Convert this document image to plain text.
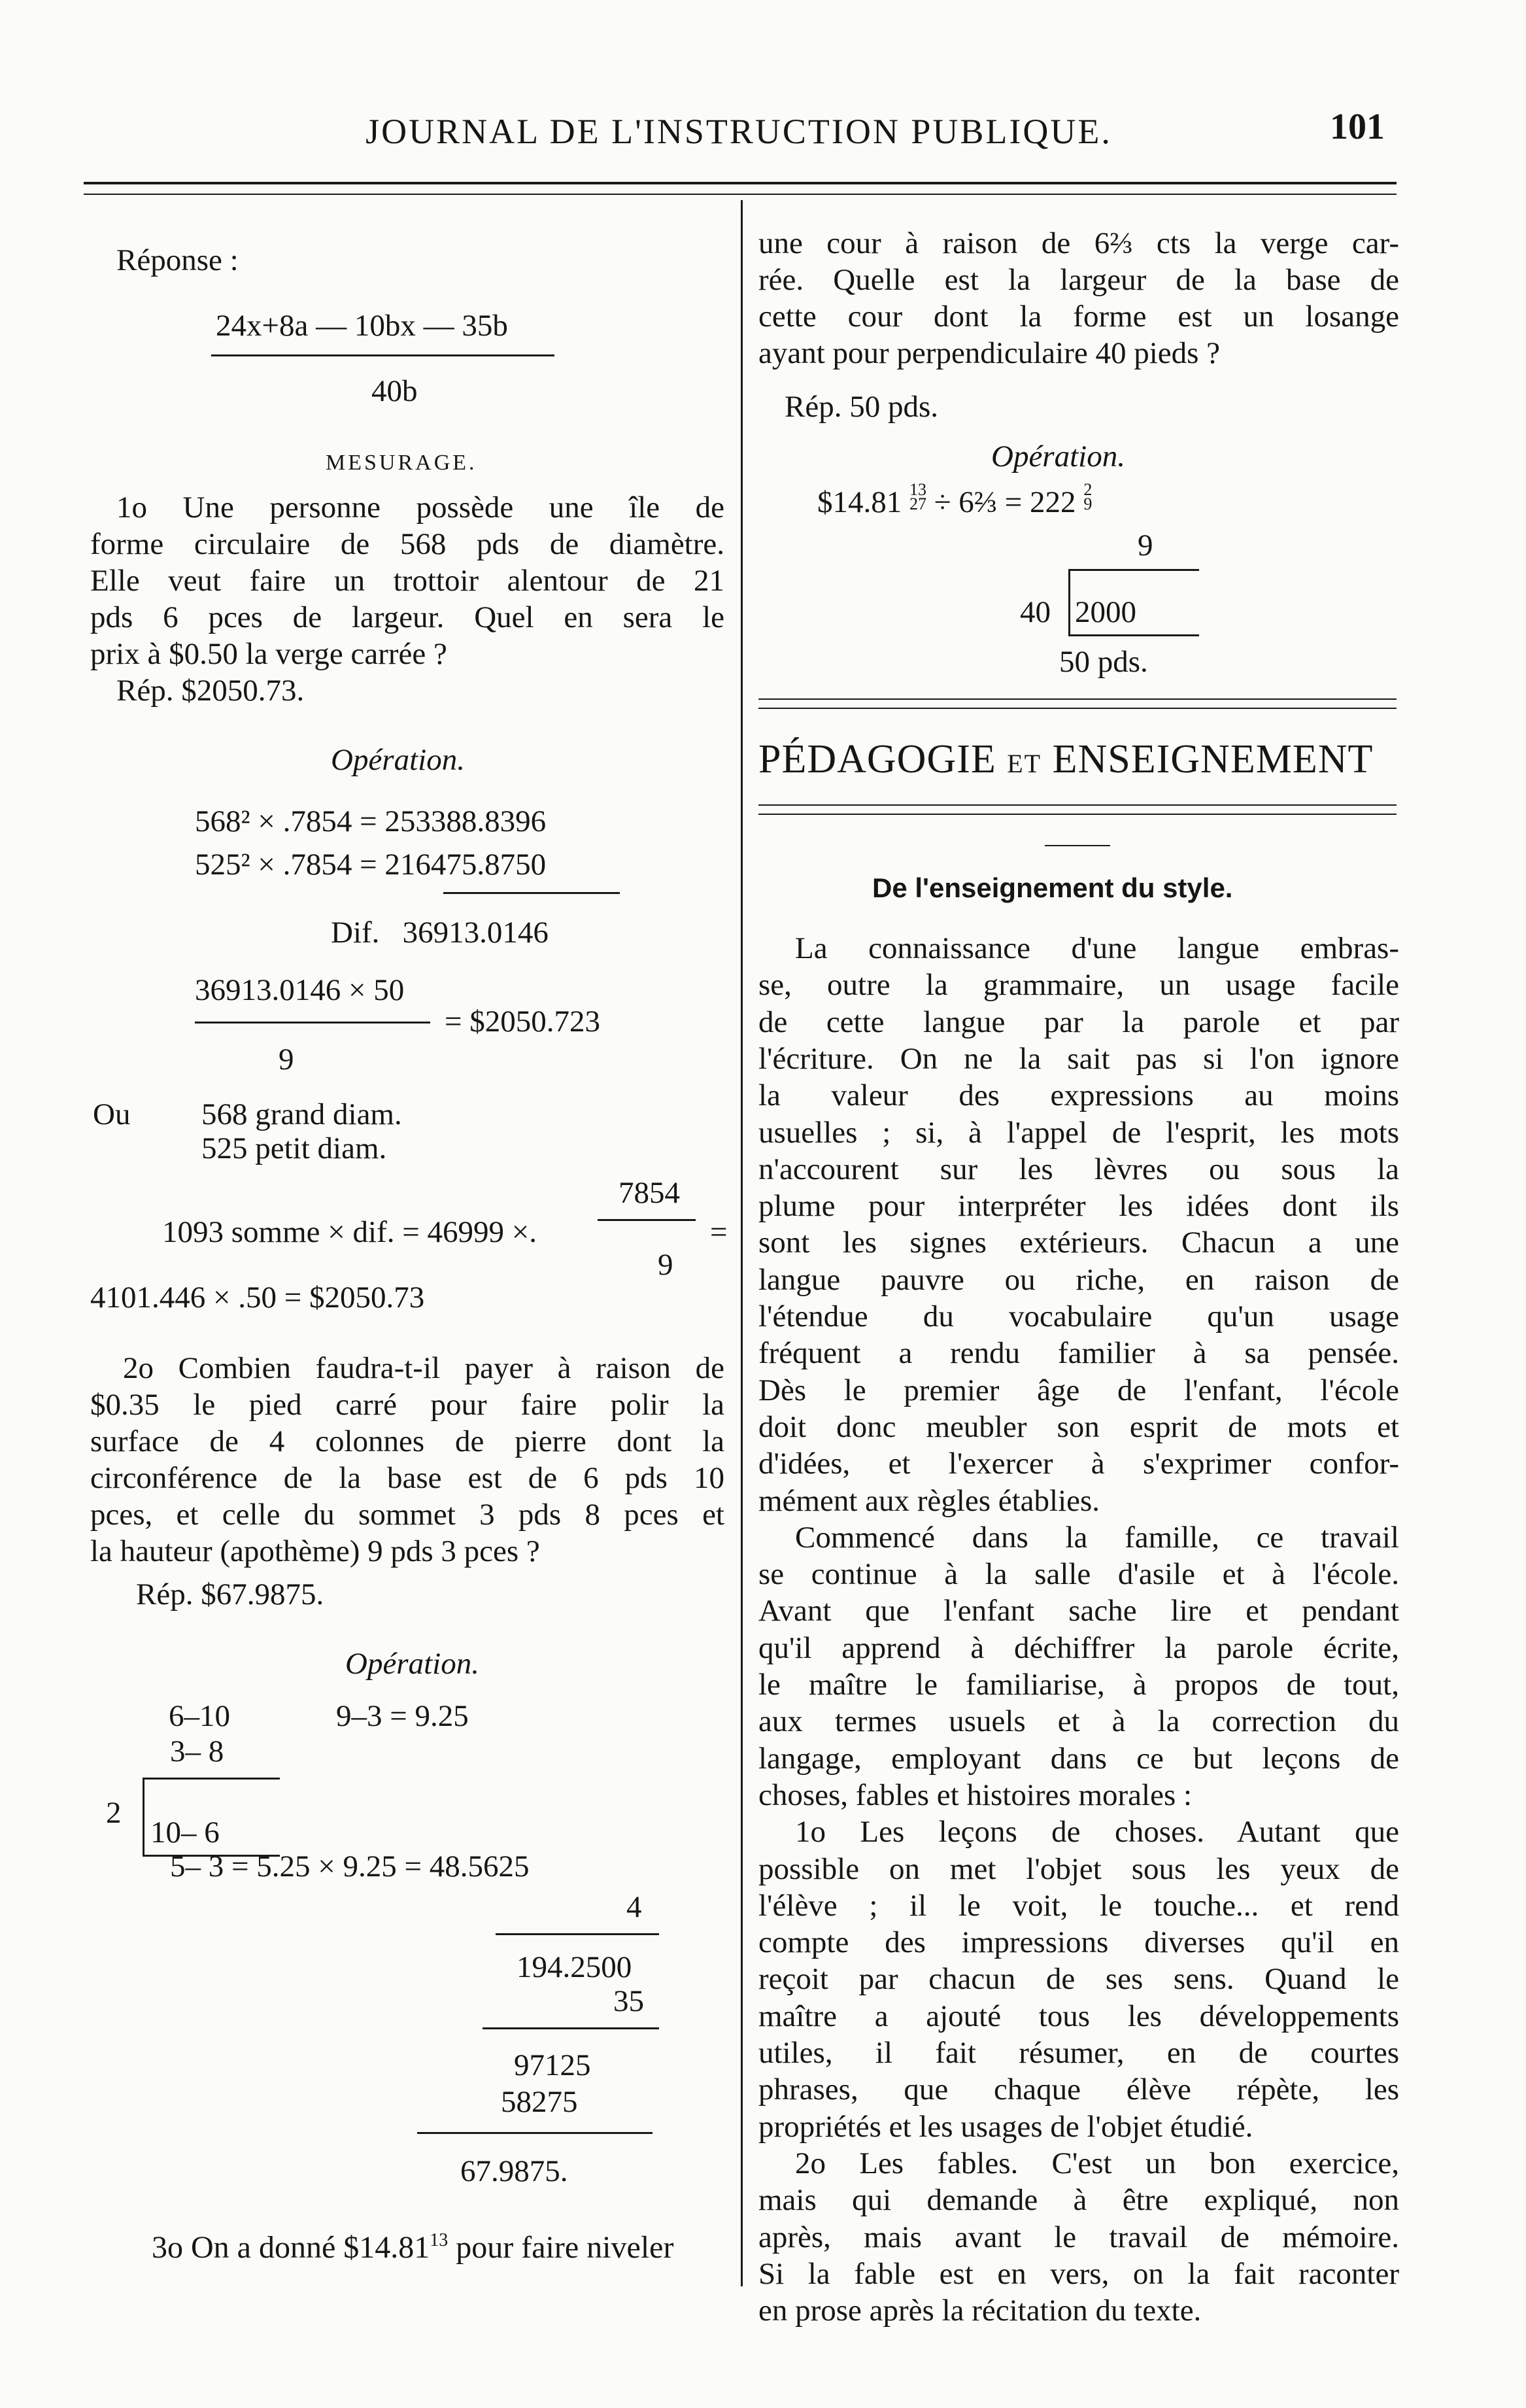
JOURNAL DE L'INSTRUCTION PUBLIQUE.	101
Réponse :
24x+8a — 10bx — 35b
40b
MESURAGE.
1o Une personne possède une île de
forme circulaire de 568 pds de diamètre.
Elle veut faire un trottoir alentour de 21
pds 6 pces de largeur. Quel en sera le
prix à $0.50 la verge carrée ?
Rép. $2050.73.
Opération.
568² × .7854 = 253388.8396
525² × .7854 = 216475.8750
Dif.   36913.0146
36913.0146 × 50
= $2050.723
9
Ou 568 grand diam.
525 petit diam.
7854
1093 somme × dif. = 46999 ×.	=
9
4101.446 × .50 = $2050.73
2o Combien faudra-t-il payer à raison de
$0.35 le pied carré pour faire polir la
surface de 4 colonnes de pierre dont la
circonférence de la base est de 6 pds 10
pces, et celle du sommet 3 pds 8 pces et
la hauteur (apothème) 9 pds 3 pces ?
Rép. $67.9875.
Opération.
6–10	9–3 = 9.25
3– 8
2
10– 6
5– 3 = 5.25 × 9.25 = 48.5625
4
194.2500
35
97125
58275
67.9875.
3o On a donné $14.81$^{13}$ pour faire niveler
une cour à raison de 6⅔ cts la verge car-
rée. Quelle est la largeur de la base de
cette cour dont la forme est un losange
ayant pour perpendiculaire 40 pieds ?
Rép. 50 pds.
Opération.
$14.81 13
27 ÷ 6⅔ = 222 2
9
9
40 2000
50 pds.
PÉDAGOGIE ET ENSEIGNEMENT
De l'enseignement du style.
La connaissance d'une langue embras-
se, outre la grammaire, un usage facile
de cette langue par la parole et par
l'écriture. On ne la sait pas si l'on ignore
la valeur des expressions au moins
usuelles ; si, à l'appel de l'esprit, les mots
n'accourent sur les lèvres ou sous la
plume pour interpréter les idées dont ils
sont les signes extérieurs. Chacun a une
langue pauvre ou riche, en raison de
l'étendue du vocabulaire qu'un usage
fréquent a rendu familier à sa pensée.
Dès le premier âge de l'enfant, l'école
doit donc meubler son esprit de mots et
d'idées, et l'exercer à s'exprimer confor-
mément aux règles établies.
Commencé dans la famille, ce travail
se continue à la salle d'asile et à l'école.
Avant que l'enfant sache lire et pendant
qu'il apprend à déchiffrer la parole écrite,
le maître le familiarise, à propos de tout,
aux termes usuels et à la correction du
langage, employant dans ce but leçons de
choses, fables et histoires morales :
1o Les leçons de choses. Autant que
possible on met l'objet sous les yeux de
l'élève ; il le voit, le touche... et rend
compte des impressions diverses qu'il en
reçoit par chacun de ses sens. Quand le
maître a ajouté tous les développements
utiles, il fait résumer, en de courtes
phrases, que chaque élève répète, les
propriétés et les usages de l'objet étudié.
2o Les fables. C'est un bon exercice,
mais qui demande à être expliqué, non
après, mais avant le travail de mémoire.
Si la fable est en vers, on la fait raconter
en prose après la récitation du texte.
